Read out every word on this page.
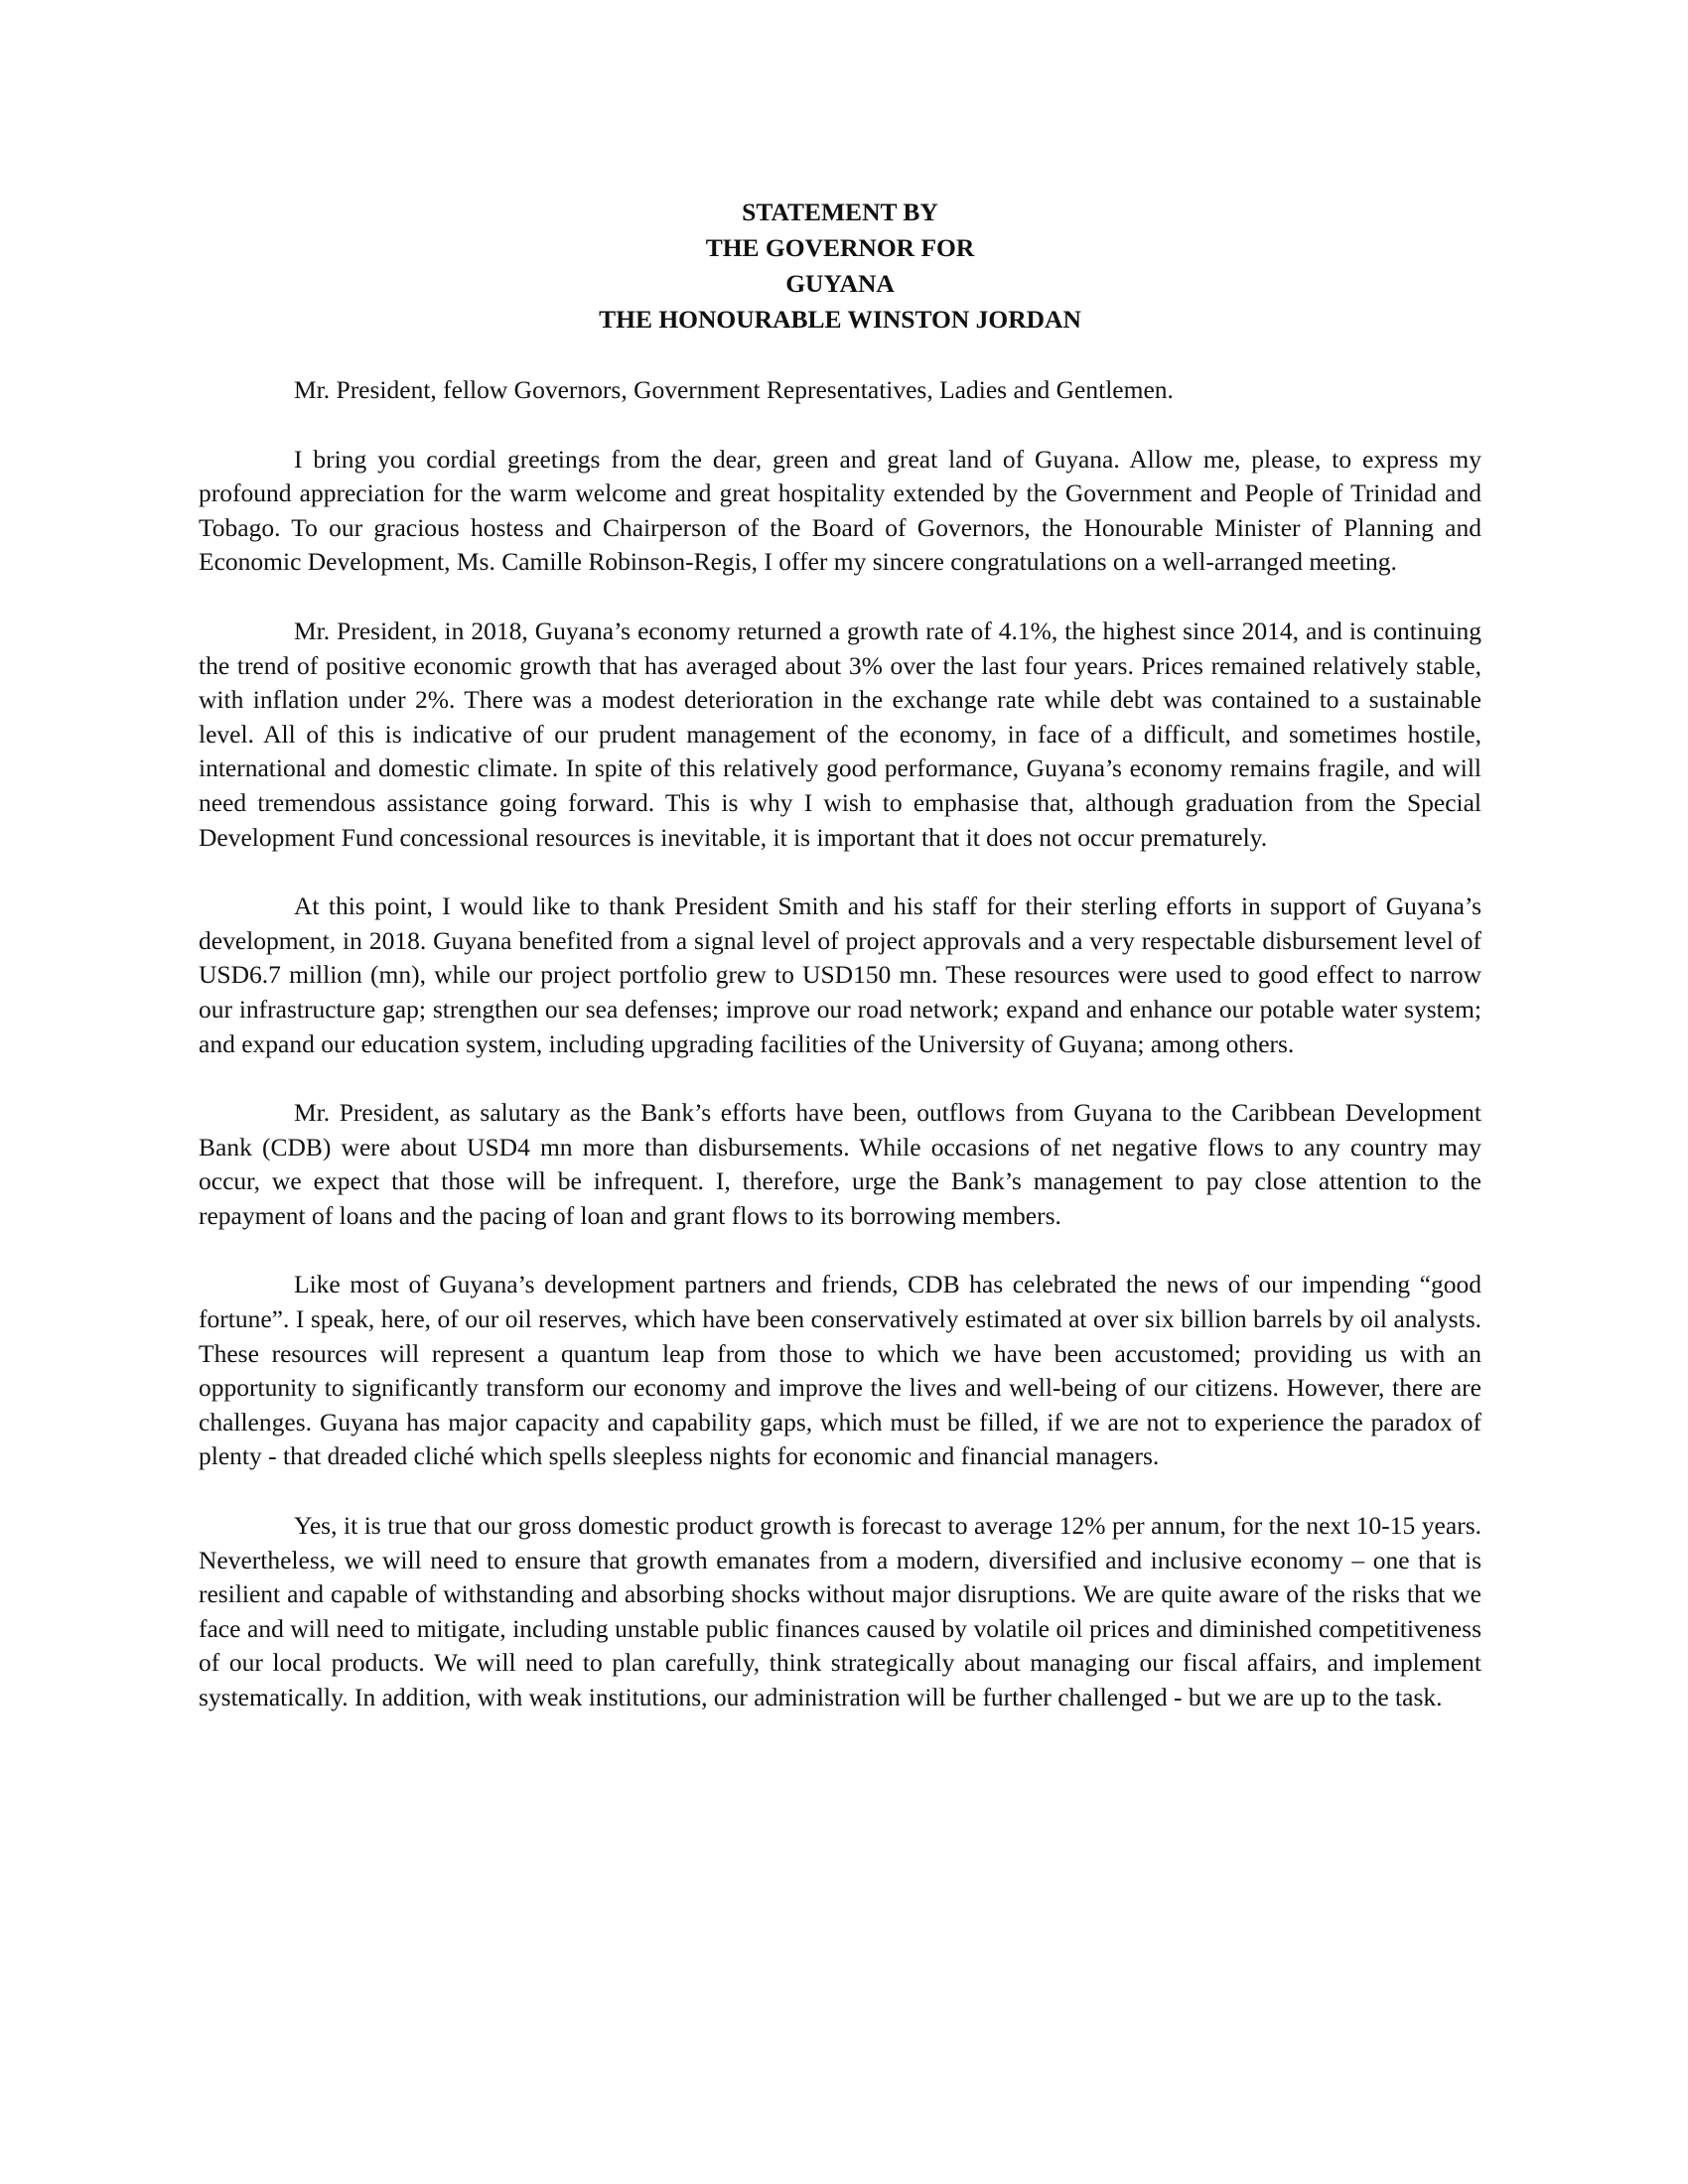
STATEMENT BY
THE GOVERNOR FOR
GUYANA
THE HONOURABLE WINSTON JORDAN

Mr. President, fellow Governors, Government Representatives, Ladies and Gentlemen.

I bring you cordial greetings from the dear, green and great land of Guyana. Allow me, please, to express my profound appreciation for the warm welcome and great hospitality extended by the Government and People of Trinidad and Tobago. To our gracious hostess and Chairperson of the Board of Governors, the Honourable Minister of Planning and Economic Development, Ms. Camille Robinson-Regis, I offer my sincere congratulations on a well-arranged meeting.

Mr. President, in 2018, Guyana’s economy returned a growth rate of 4.1%, the highest since 2014, and is continuing the trend of positive economic growth that has averaged about 3% over the last four years. Prices remained relatively stable, with inflation under 2%. There was a modest deterioration in the exchange rate while debt was contained to a sustainable level. All of this is indicative of our prudent management of the economy, in face of a difficult, and sometimes hostile, international and domestic climate. In spite of this relatively good performance, Guyana’s economy remains fragile, and will need tremendous assistance going forward. This is why I wish to emphasise that, although graduation from the Special Development Fund concessional resources is inevitable, it is important that it does not occur prematurely.

At this point, I would like to thank President Smith and his staff for their sterling efforts in support of Guyana’s development, in 2018. Guyana benefited from a signal level of project approvals and a very respectable disbursement level of USD6.7 million (mn), while our project portfolio grew to USD150 mn. These resources were used to good effect to narrow our infrastructure gap; strengthen our sea defenses; improve our road network; expand and enhance our potable water system; and expand our education system, including upgrading facilities of the University of Guyana; among others.

Mr. President, as salutary as the Bank’s efforts have been, outflows from Guyana to the Caribbean Development Bank (CDB) were about USD4 mn more than disbursements. While occasions of net negative flows to any country may occur, we expect that those will be infrequent. I, therefore, urge the Bank’s management to pay close attention to the repayment of loans and the pacing of loan and grant flows to its borrowing members.

Like most of Guyana’s development partners and friends, CDB has celebrated the news of our impending “good fortune”. I speak, here, of our oil reserves, which have been conservatively estimated at over six billion barrels by oil analysts. These resources will represent a quantum leap from those to which we have been accustomed; providing us with an opportunity to significantly transform our economy and improve the lives and well-being of our citizens. However, there are challenges. Guyana has major capacity and capability gaps, which must be filled, if we are not to experience the paradox of plenty - that dreaded cliché which spells sleepless nights for economic and financial managers.

Yes, it is true that our gross domestic product growth is forecast to average 12% per annum, for the next 10-15 years. Nevertheless, we will need to ensure that growth emanates from a modern, diversified and inclusive economy – one that is resilient and capable of withstanding and absorbing shocks without major disruptions. We are quite aware of the risks that we face and will need to mitigate, including unstable public finances caused by volatile oil prices and diminished competitiveness of our local products. We will need to plan carefully, think strategically about managing our fiscal affairs, and implement systematically. In addition, with weak institutions, our administration will be further challenged - but we are up to the task.
